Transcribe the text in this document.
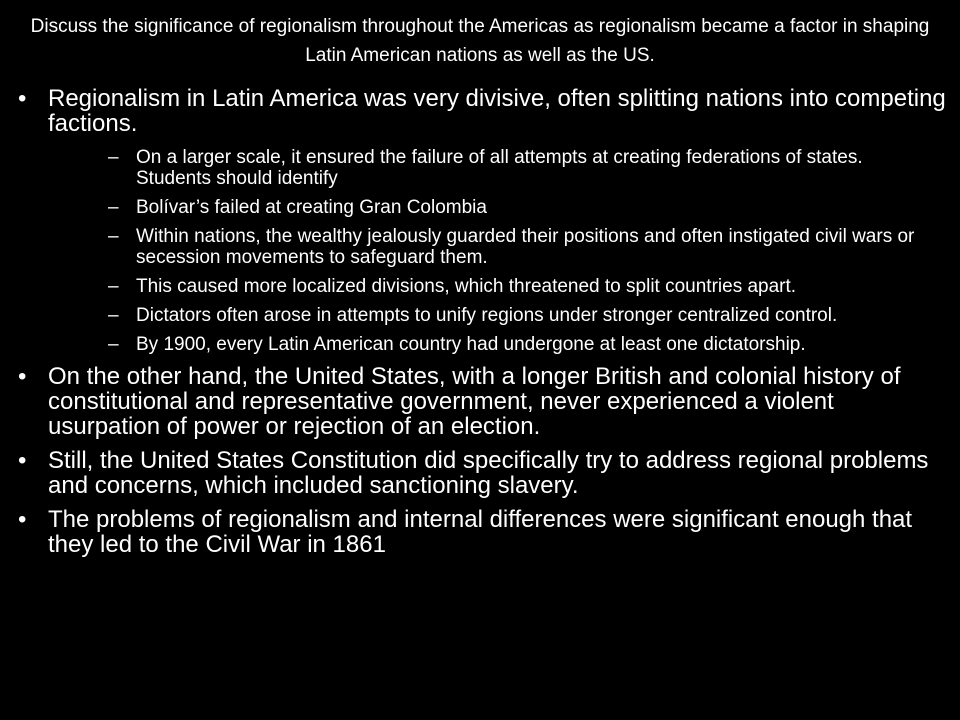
Discuss the significance of regionalism throughout the Americas as regionalism became a factor in shaping Latin American nations as well as the US.
• Regionalism in Latin America was very divisive, often splitting nations into competing factions.
– On a larger scale, it ensured the failure of all attempts at creating federations of states. Students should identify
– Bolívar’s failed at creating Gran Colombia
– Within nations, the wealthy jealously guarded their positions and often instigated civil wars or secession movements to safeguard them.
– This caused more localized divisions, which threatened to split countries apart.
– Dictators often arose in attempts to unify regions under stronger centralized control.
– By 1900, every Latin American country had undergone at least one dictatorship.
• On the other hand, the United States, with a longer British and colonial history of constitutional and representative government, never experienced a violent usurpation of power or rejection of an election.
• Still, the United States Constitution did specifically try to address regional problems and concerns, which included sanctioning slavery.
• The problems of regionalism and internal differences were significant enough that they led to the Civil War in 1861
